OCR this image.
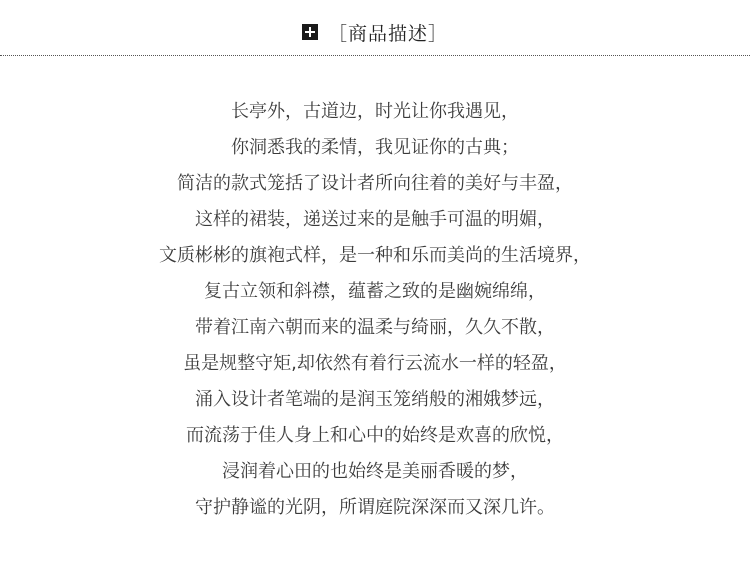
［商品描述］
长亭外，古道边，时光让你我遇见，
你洞悉我的柔情，我见证你的古典；
简洁的款式笼括了设计者所向往着的美好与丰盈，
这样的裙装，递送过来的是触手可温的明媚，
文质彬彬的旗袍式样，是一种和乐而美尚的生活境界，
复古立领和斜襟，蕴蓄之致的是幽婉绵绵，
带着江南六朝而来的温柔与绮丽，久久不散，
虽是规整守矩,却依然有着行云流水一样的轻盈，
涌入设计者笔端的是润玉笼绡般的湘娥梦远，
而流荡于佳人身上和心中的始终是欢喜的欣悦，
浸润着心田的也始终是美丽香暖的梦，
守护静谧的光阴，所谓庭院深深而又深几许。
